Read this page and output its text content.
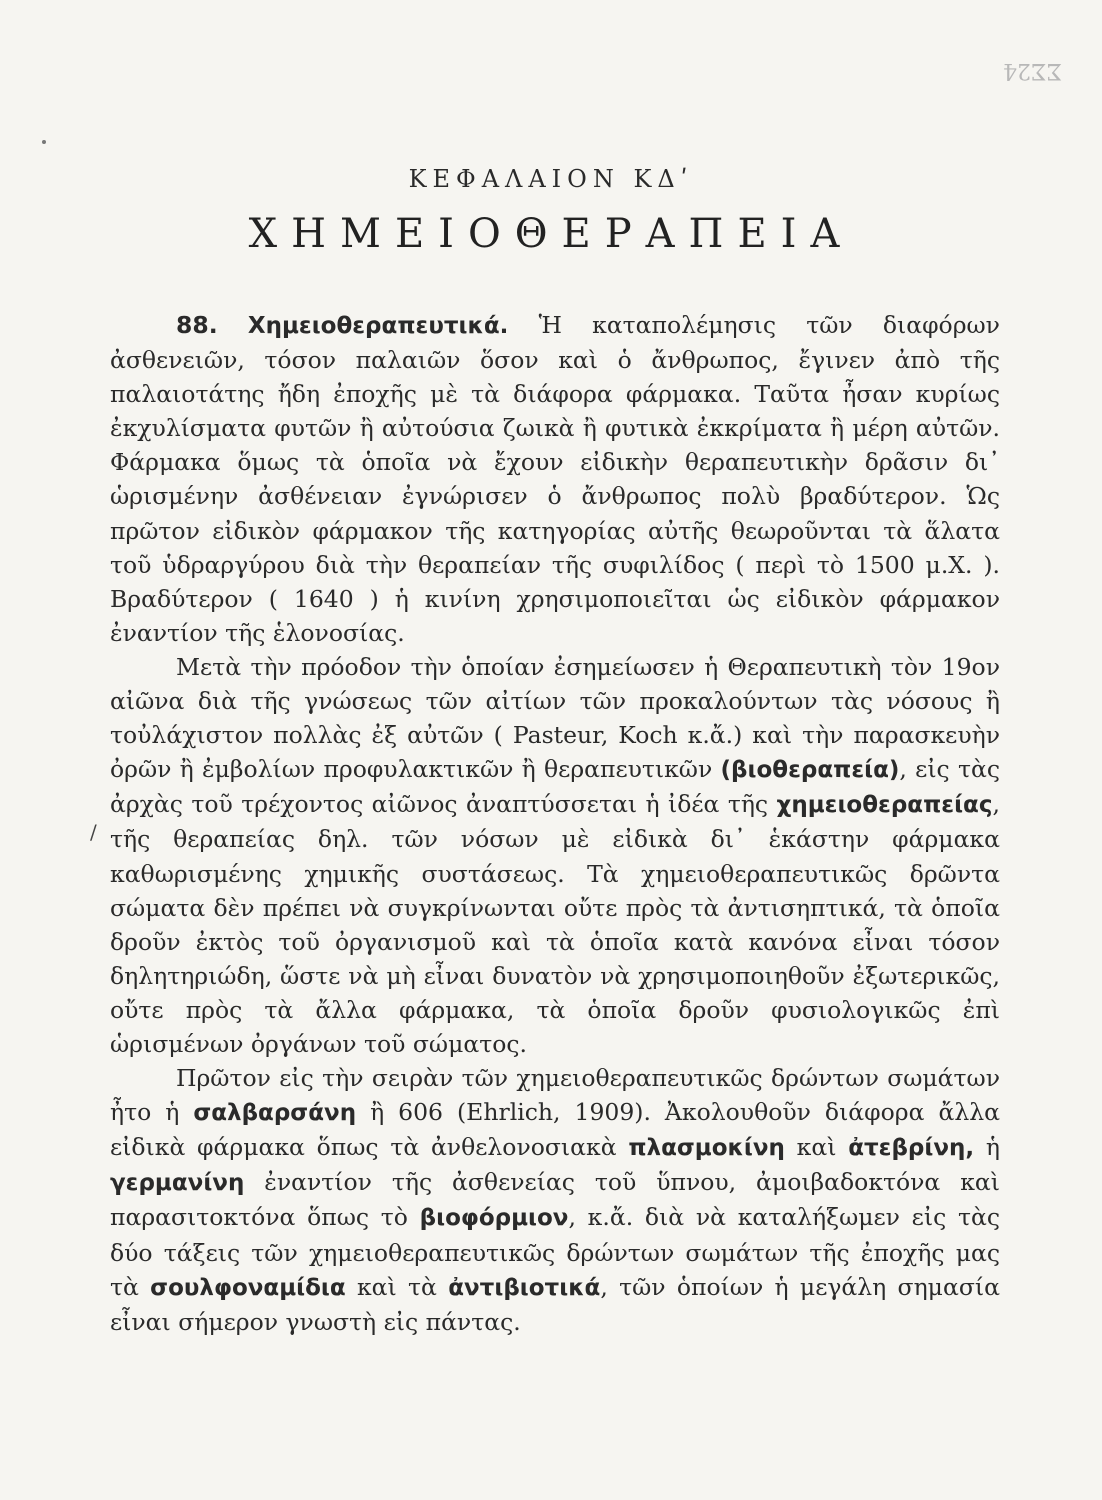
ΣΣ24
ΚΕΦΑΛΑΙΟΝ ΚΔʹ
ΧΗΜΕΙΟΘΕΡΑΠΕΙΑ
/

88. Χημειοθεραπευτικά. Ἡ καταπολέμησις τῶν διαφόρων ἀσθενειῶν, τόσον παλαιῶν ὅσον καὶ ὁ ἄνθρωπος, ἔγινεν ἀπὸ τῆς παλαιοτάτης ἤδη ἐποχῆς μὲ τὰ διάφορα φάρμακα. Ταῦτα ἦσαν κυρίως ἐκχυλίσματα φυτῶν ἢ αὐτούσια ζωικὰ ἢ φυτικὰ ἐκκρίματα ἢ μέρη αὐτῶν. Φάρμακα ὅμως τὰ ὁποῖα νὰ ἔχουν εἰδικὴν θεραπευτικὴν δρᾶσιν δι᾽ ὡρισμένην ἀσθένειαν ἐγνώρισεν ὁ ἄνθρωπος πολὺ βραδύτερον. Ὡς πρῶτον εἰδικὸν φάρμακον τῆς κατηγορίας αὐτῆς θεωροῦνται τὰ ἅλατα τοῦ ὑδραργύρου διὰ τὴν θεραπείαν τῆς συφιλίδος ( περὶ τὸ 1500 μ.Χ. ). Βραδύτερον ( 1640 ) ἡ κινίνη χρησιμοποιεῖται ὡς εἰδικὸν φάρμακον ἐναντίον τῆς ἑλονοσίας.

Μετὰ τὴν πρόοδον τὴν ὁποίαν ἐσημείωσεν ἡ Θεραπευτικὴ τὸν 19ον αἰῶνα διὰ τῆς γνώσεως τῶν αἰτίων τῶν προκαλούντων τὰς νόσους ἢ τοὐλάχιστον πολλὰς ἐξ αὐτῶν ( Pasteur, Koch κ.ἄ.) καὶ τὴν παρασκευὴν ὀρῶν ἢ ἐμβολίων προφυλακτικῶν ἢ θεραπευτικῶν (βιοθεραπεία), εἰς τὰς ἀρχὰς τοῦ τρέχοντος αἰῶνος ἀναπτύσσεται ἡ ἰδέα τῆς χημειοθεραπείας, τῆς θεραπείας δηλ. τῶν νόσων μὲ εἰδικὰ δι᾽ ἑκάστην φάρμακα καθωρισμένης χημικῆς συστάσεως. Τὰ χημειοθεραπευτικῶς δρῶντα σώματα δὲν πρέπει νὰ συγκρίνωνται οὔτε πρὸς τὰ ἀντισηπτικά, τὰ ὁποῖα δροῦν ἐκτὸς τοῦ ὀργανισμοῦ καὶ τὰ ὁποῖα κατὰ κανόνα εἶναι τόσον δηλητηριώδη, ὥστε νὰ μὴ εἶναι δυνατὸν νὰ χρησιμοποιηθοῦν ἐξωτερικῶς, οὔτε πρὸς τὰ ἄλλα φάρμακα, τὰ ὁποῖα δροῦν φυσιολογικῶς ἐπὶ ὡρισμένων ὀργάνων τοῦ σώματος.

Πρῶτον εἰς τὴν σειρὰν τῶν χημειοθεραπευτικῶς δρώντων σωμάτων ἦτο ἡ σαλβαρσάνη ἢ 606 (Ehrlich, 1909). Ἀκολουθοῦν διάφορα ἄλλα εἰδικὰ φάρμακα ὅπως τὰ ἀνθελονοσιακὰ πλασμοκίνη καὶ ἀτεβρίνη, ἡ γερμανίνη ἐναντίον τῆς ἀσθενείας τοῦ ὕπνου, ἀμοιβαδοκτόνα καὶ παρασιτοκτόνα ὅπως τὸ βιοφόρμιον, κ.ἄ. διὰ νὰ καταλήξωμεν εἰς τὰς δύο τάξεις τῶν χημειοθεραπευτικῶς δρώντων σωμάτων τῆς ἐποχῆς μας τὰ σουλφοναμίδια καὶ τὰ ἀντιβιοτικά, τῶν ὁποίων ἡ μεγάλη σημασία εἶναι σήμερον γνωστὴ εἰς πάντας.
